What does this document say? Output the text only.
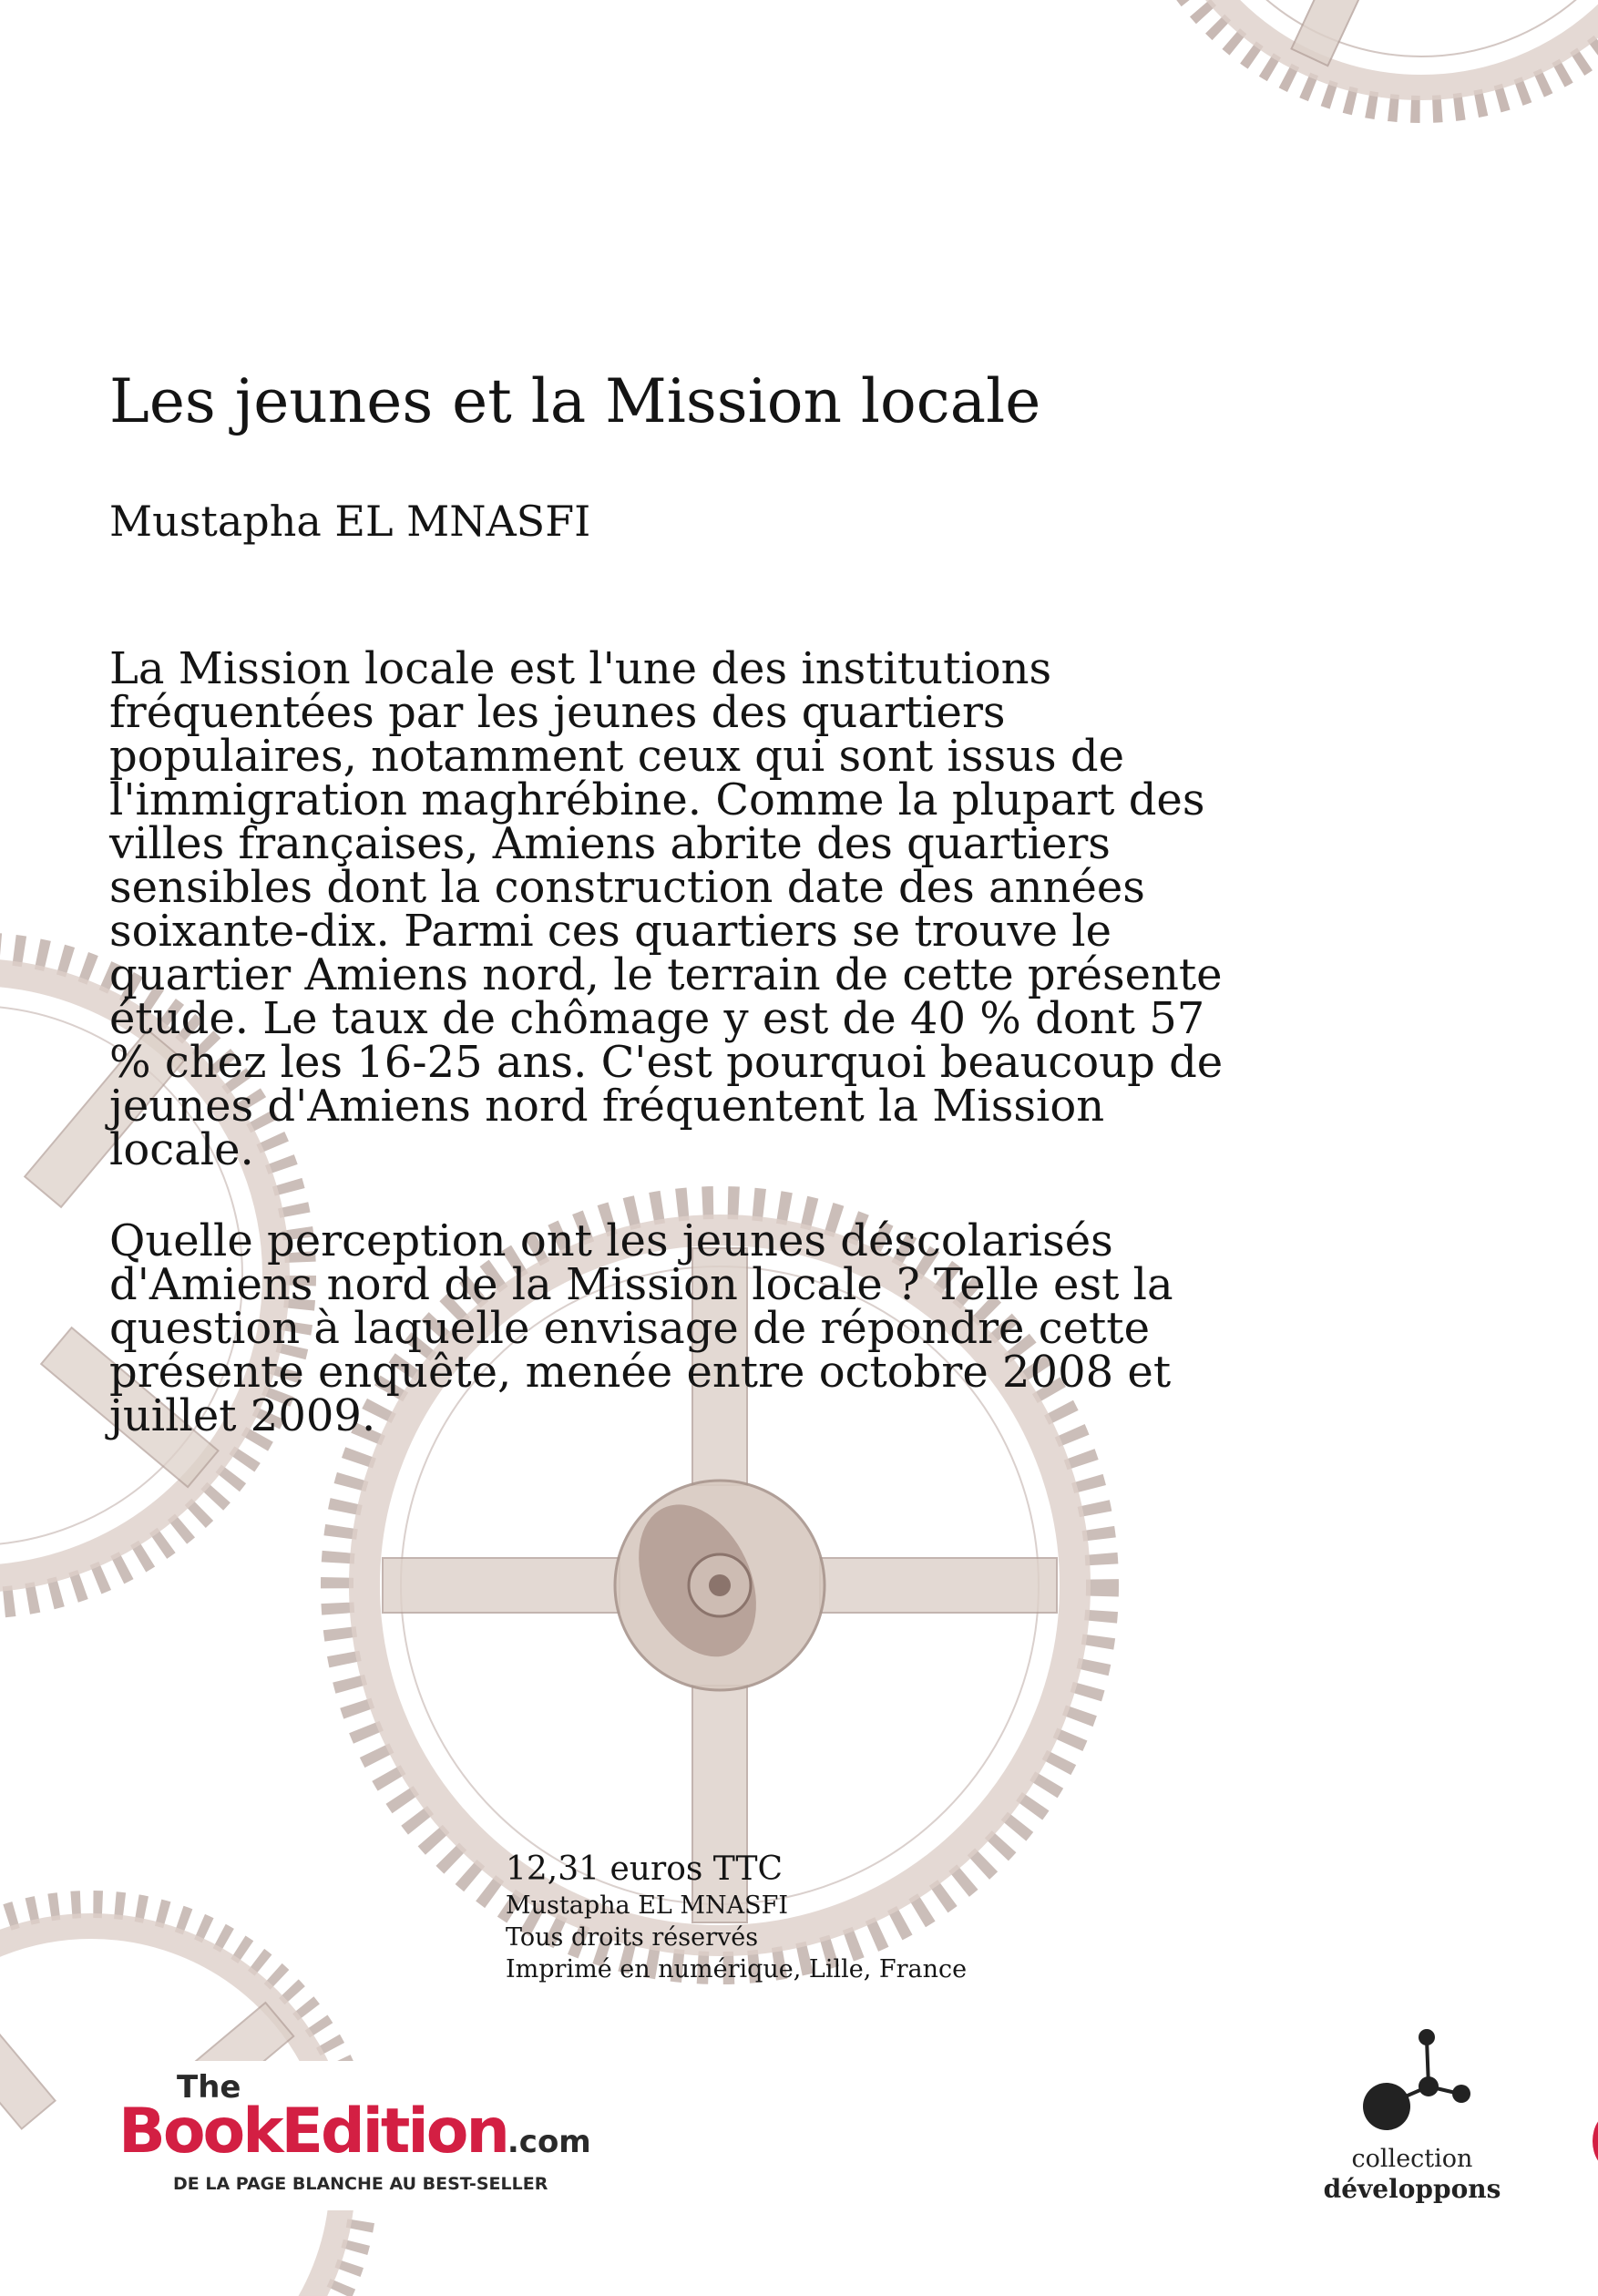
Les jeunes et la Mission locale
Mustapha EL MNASFI

La Mission locale est l'une des institutions fréquentées par les jeunes des quartiers populaires, notamment ceux qui sont issus de l'immigration maghrébine. Comme la plupart des villes françaises, Amiens abrite des quartiers sensibles dont la construction date des années soixante-dix. Parmi ces quartiers se trouve le quartier Amiens nord, le terrain de cette présente étude. Le taux de chômage y est de 40 % dont 57 % chez les 16-25 ans. C'est pourquoi beaucoup de jeunes d'Amiens nord fréquentent la Mission locale.

Quelle perception ont les jeunes déscolarisés d'Amiens nord de la Mission locale ? Telle est la question à laquelle envisage de répondre cette présente enquête, menée entre octobre 2008 et juillet 2009.

12,31 euros TTC
Mustapha EL MNASFI
Tous droits réservés
Imprimé en numérique, Lille, France
The
BookEdition.com
DE LA PAGE BLANCHE AU BEST-SELLER
collection
développons
